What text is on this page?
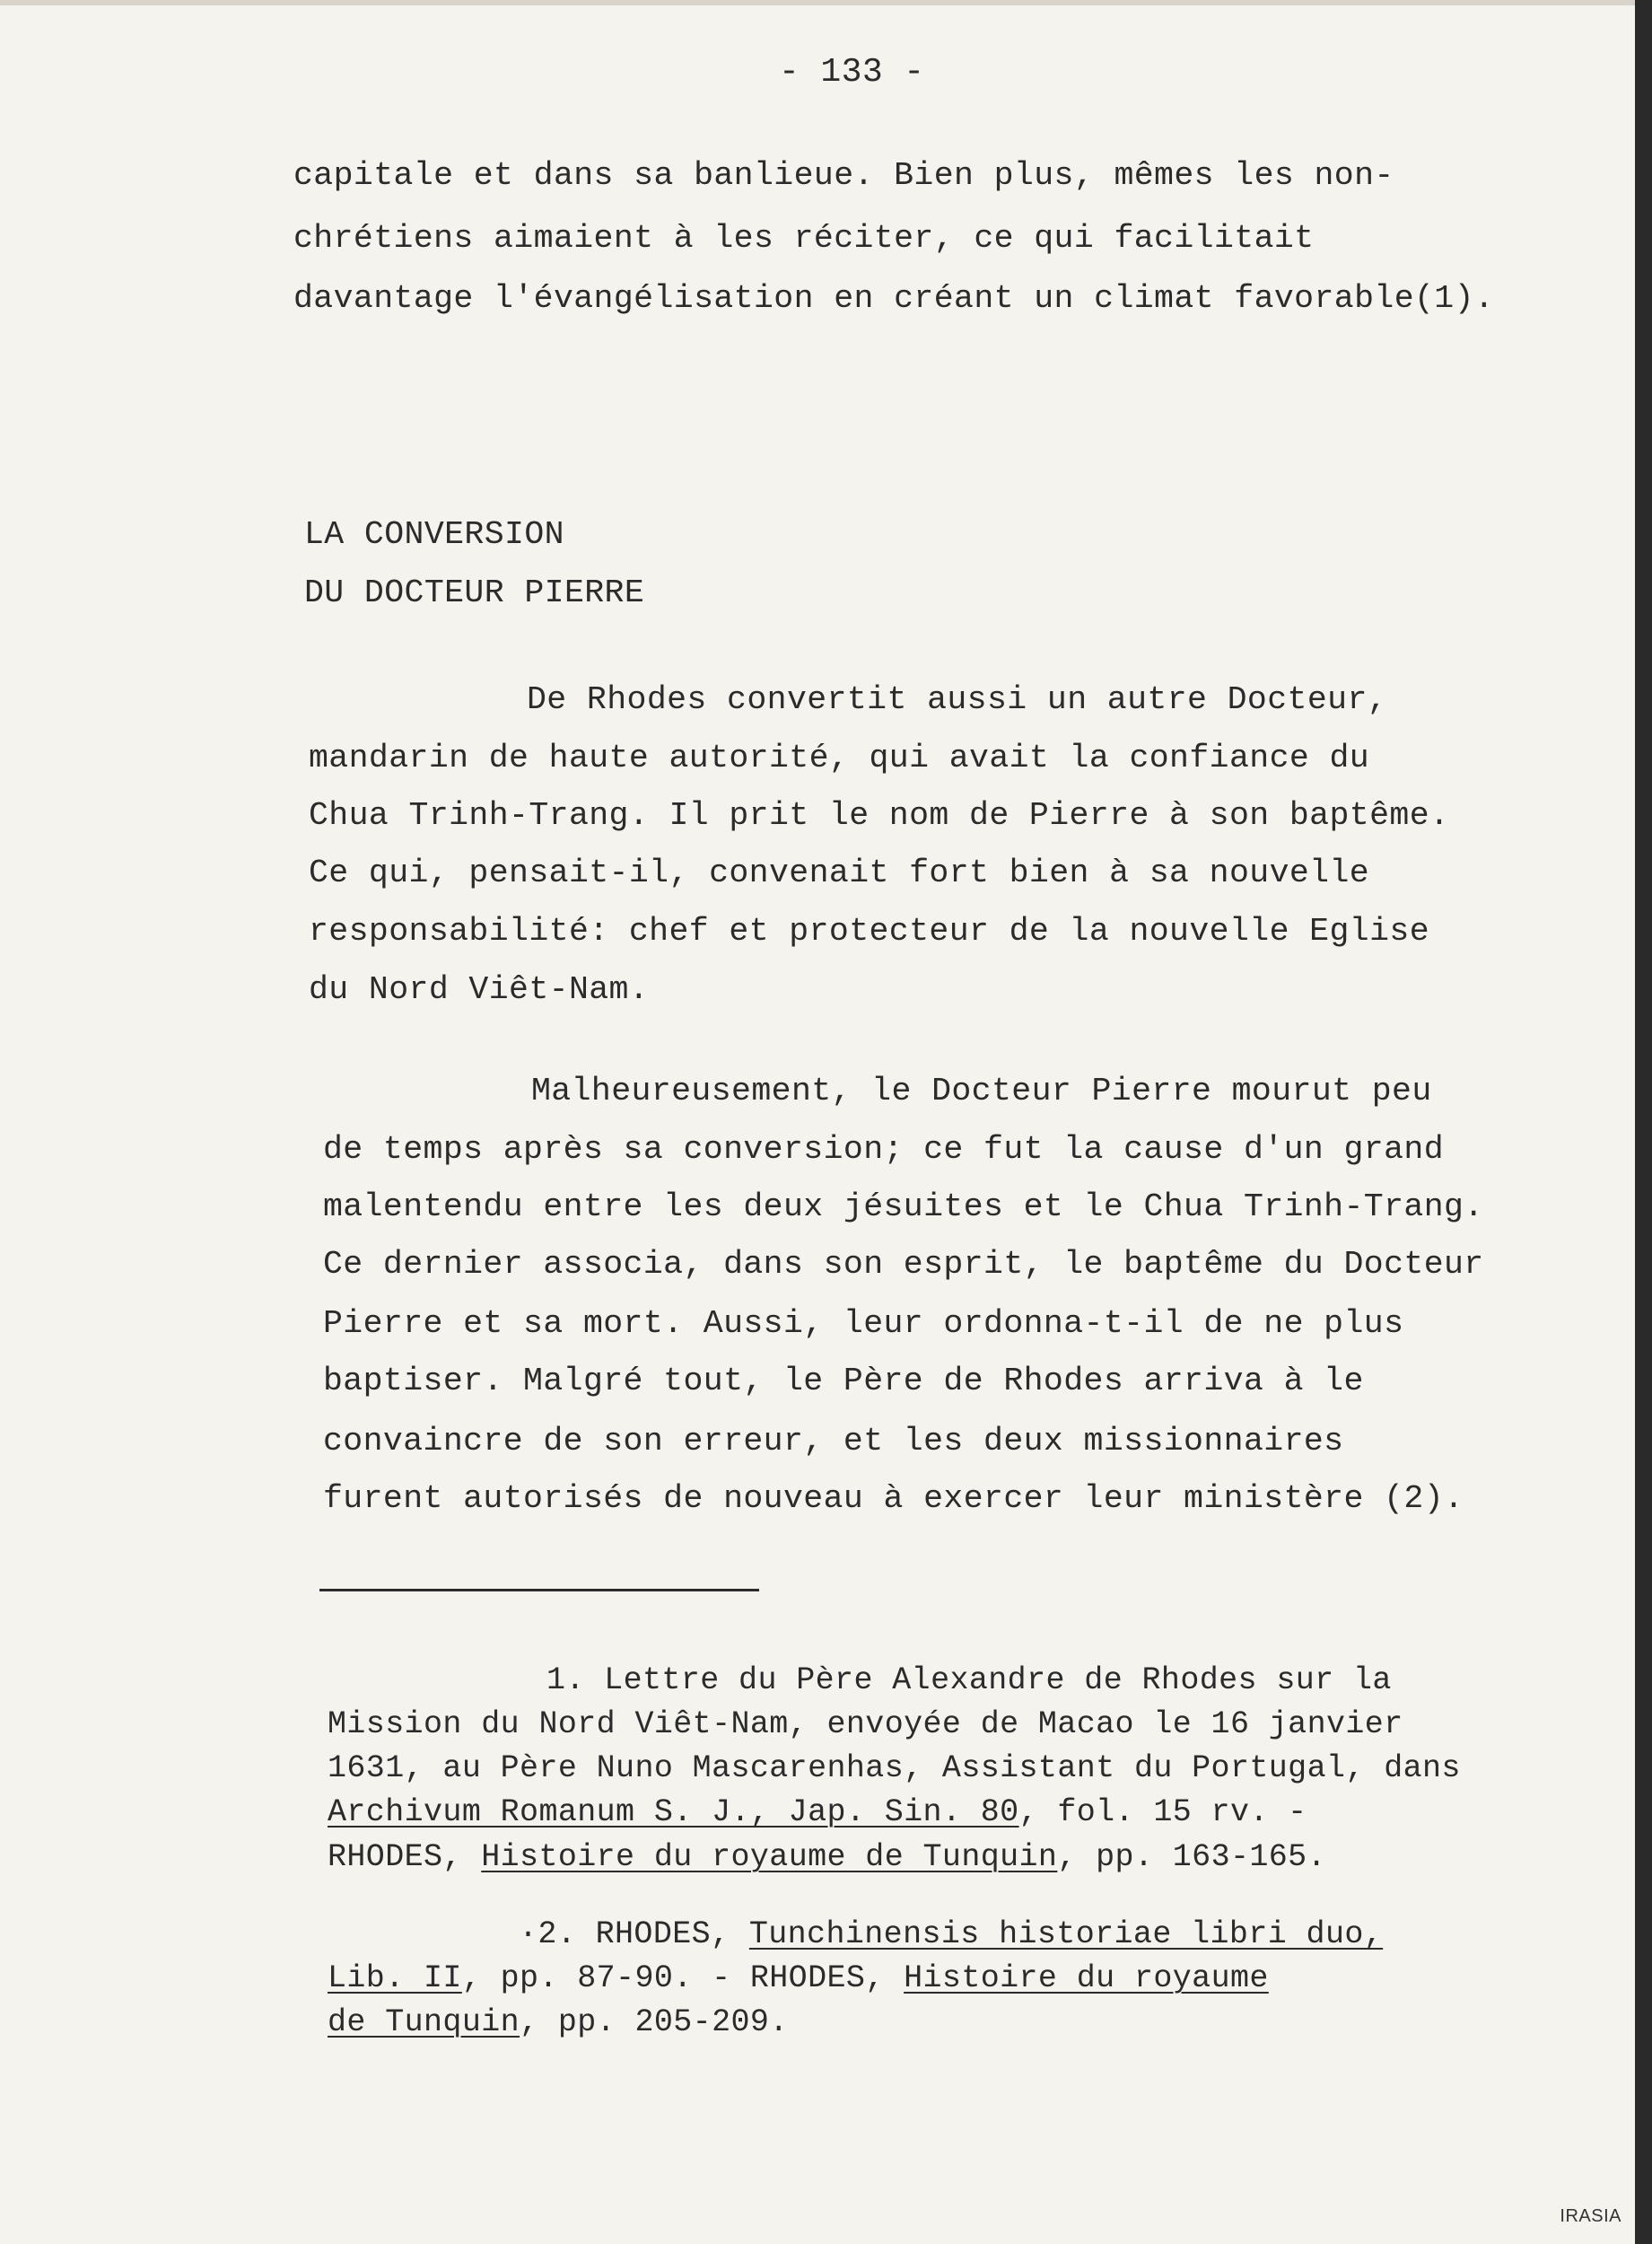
- 133 -
capitale et dans sa banlieue. Bien plus, mêmes les non-
chrétiens aimaient à les réciter, ce qui facilitait
davantage l'évangélisation en créant un climat favorable(1).
LA CONVERSION
DU DOCTEUR PIERRE
De Rhodes convertit aussi un autre Docteur,
mandarin de haute autorité, qui avait la confiance du
Chua Trinh-Trang. Il prit le nom de Pierre à son baptême.
Ce qui, pensait-il, convenait fort bien à sa nouvelle
responsabilité: chef et protecteur de la nouvelle Eglise
du Nord Viêt-Nam.
Malheureusement, le Docteur Pierre mourut peu
de temps après sa conversion; ce fut la cause d'un grand
malentendu entre les deux jésuites et le Chua Trinh-Trang.
Ce dernier associa, dans son esprit, le baptême du Docteur
Pierre et sa mort. Aussi, leur ordonna-t-il de ne plus
baptiser. Malgré tout, le Père de Rhodes arriva à le
convaincre de son erreur, et les deux missionnaires
furent autorisés de nouveau à exercer leur ministère (2).
1. Lettre du Père Alexandre de Rhodes sur la
Mission du Nord Viêt-Nam, envoyée de Macao le 16 janvier
1631, au Père Nuno Mascarenhas, Assistant du Portugal, dans
Archivum Romanum S. J., Jap. Sin. 80, fol. 15 rv. -
RHODES, Histoire du royaume de Tunquin, pp. 163-165.
·2. RHODES, Tunchinensis historiae libri duo,
Lib. II, pp. 87-90. - RHODES, Histoire du royaume
de Tunquin, pp. 205-209.
IRASIA
